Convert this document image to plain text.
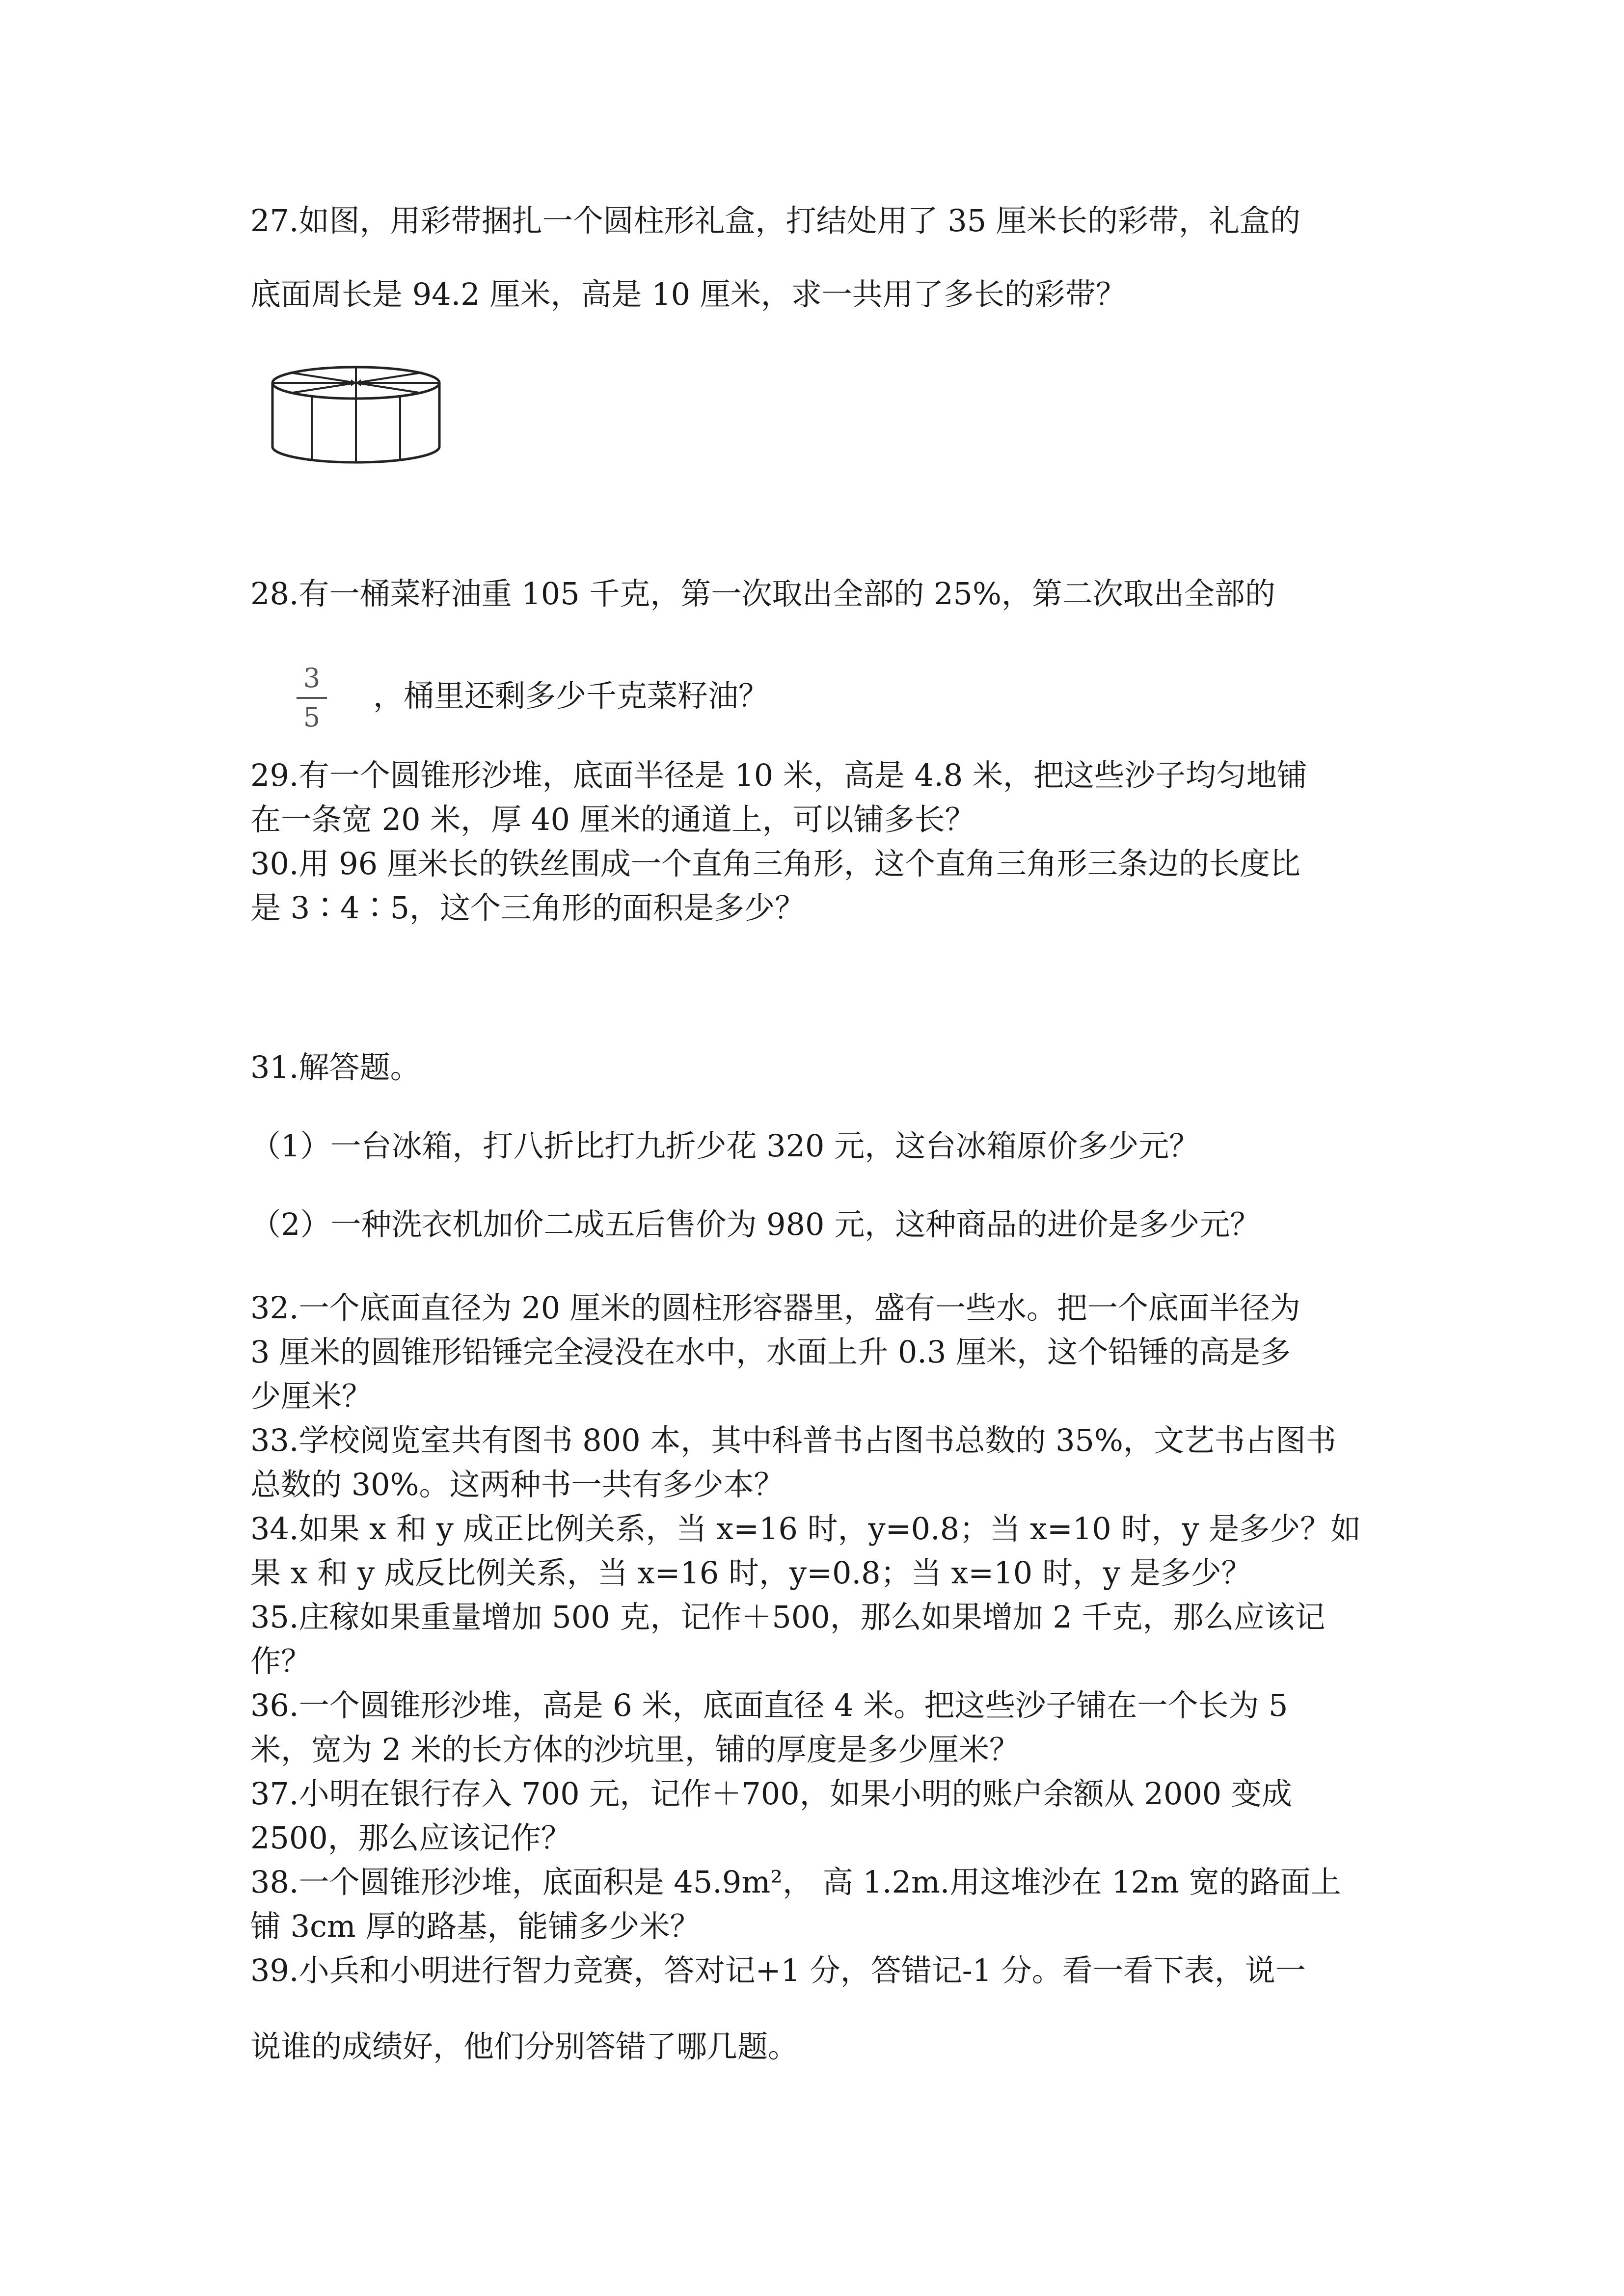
27.如图，用彩带捆扎一个圆柱形礼盒，打结处用了 35 厘米长的彩带，礼盒的
底面周长是 94.2 厘米，高是 10 厘米，求一共用了多长的彩带？
28.有一桶菜籽油重 105 千克，第一次取出全部的 25%，第二次取出全部的
3
5
，桶里还剩多少千克菜籽油？
29.有一个圆锥形沙堆，底面半径是 10 米，高是 4.8 米，把这些沙子均匀地铺
在一条宽 20 米，厚 40 厘米的通道上，可以铺多长？
30.用 96 厘米长的铁丝围成一个直角三角形，这个直角三角形三条边的长度比
是 3∶4∶5，这个三角形的面积是多少？
31.解答题。
（1）一台冰箱，打八折比打九折少花 320 元，这台冰箱原价多少元？
（2）一种洗衣机加价二成五后售价为 980 元，这种商品的进价是多少元？
32.一个底面直径为 20 厘米的圆柱形容器里，盛有一些水。把一个底面半径为
3 厘米的圆锥形铅锤完全浸没在水中，水面上升 0.3 厘米，这个铅锤的高是多
少厘米？
33.学校阅览室共有图书 800 本，其中科普书占图书总数的 35%，文艺书占图书
总数的 30%。这两种书一共有多少本？
34.如果 x 和 y 成正比例关系，当 x=16 时，y=0.8；当 x=10 时，y 是多少？如
果 x 和 y 成反比例关系，当 x=16 时，y=0.8；当 x=10 时，y 是多少？
35.庄稼如果重量增加 500 克，记作＋500，那么如果增加 2 千克，那么应该记
作？
36.一个圆锥形沙堆，高是 6 米，底面直径 4 米。把这些沙子铺在一个长为 5
米，宽为 2 米的长方体的沙坑里，铺的厚度是多少厘米？
37.小明在银行存入 700 元，记作＋700，如果小明的账户余额从 2000 变成
2500，那么应该记作？
38.一个圆锥形沙堆，底面积是 45.9m²， 高 1.2m.用这堆沙在 12m 宽的路面上
铺 3cm 厚的路基，能铺多少米？
39.小兵和小明进行智力竞赛，答对记+1 分，答错记-1 分。看一看下表，说一
说谁的成绩好，他们分别答错了哪几题。
